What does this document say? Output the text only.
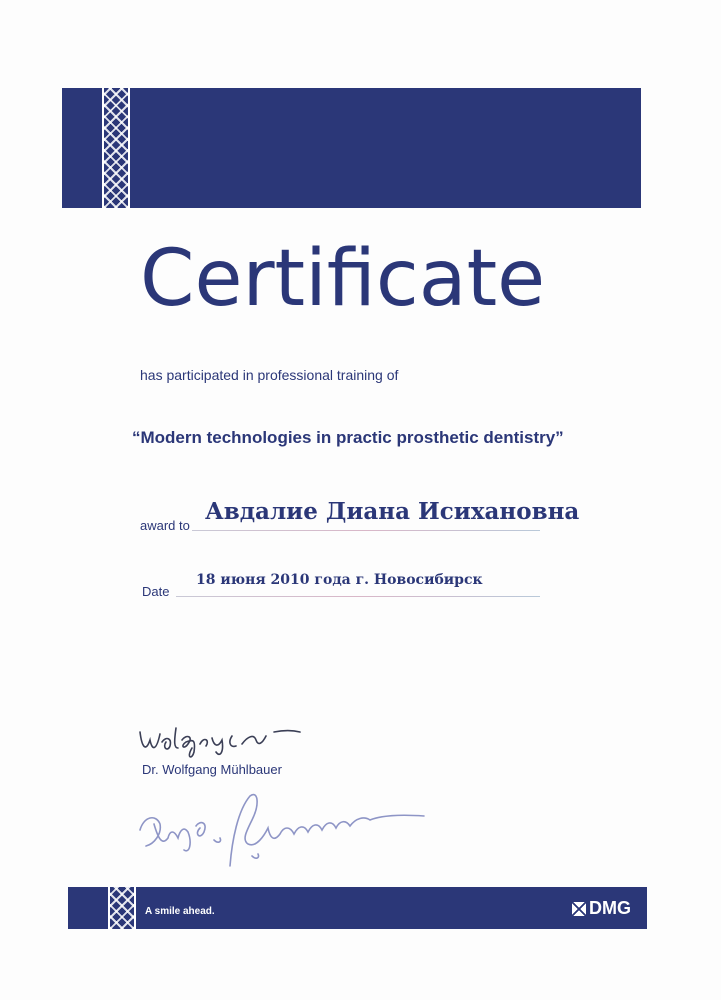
Certificate
has participated in professional training of
“Modern technologies in practic prosthetic dentistry”
award to
Авдалие Диана Исихановна
Date
18 июня 2010 года г. Новосибирск
Dr. Wolfgang Mühlbauer
A smile ahead.	DMG
